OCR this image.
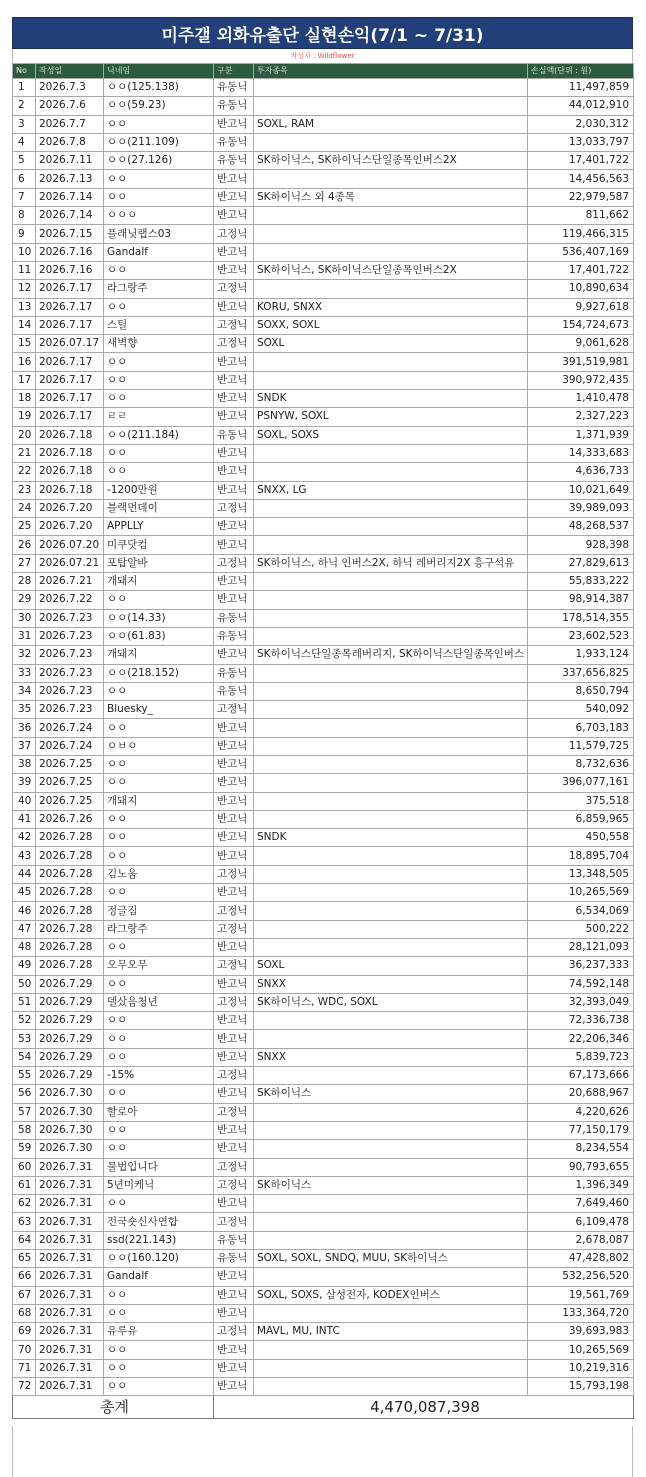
미주갤 외화유출단 실현손익(7/1 ~ 7/31)
작성자 : Wildflower
No	작성일	닉네임	구분	투자종목	손실액(단위 : 원)
1	2026.7.3	ㅇㅇ(125.138)	유동닉		11,497,859
2	2026.7.6	ㅇㅇ(59.23)	유동닉		44,012,910
3	2026.7.7	ㅇㅇ	반고닉	SOXL, RAM	2,030,312
4	2026.7.8	ㅇㅇ(211.109)	유동닉		13,033,797
5	2026.7.11	ㅇㅇ(27.126)	유동닉	SK하이닉스, SK하이닉스단일종목인버스2X	17,401,722
6	2026.7.13	ㅇㅇ	반고닉		14,456,563
7	2026.7.14	ㅇㅇ	반고닉	SK하이닉스 외 4종목	22,979,587
8	2026.7.14	ㅇㅇㅇ	반고닉		811,662
9	2026.7.15	플래닛랩스03	고정닉		119,466,315
10	2026.7.16	Gandalf	반고닉		536,407,169
11	2026.7.16	ㅇㅇ	반고닉	SK하이닉스, SK하이닉스단일종목인버스2X	17,401,722
12	2026.7.17	라그랑주	고정닉		10,890,634
13	2026.7.17	ㅇㅇ	반고닉	KORU, SNXX	9,927,618
14	2026.7.17	스틸	고정닉	SOXX, SOXL	154,724,673
15	2026.07.17	새벽향	고정닉	SOXL	9,061,628
16	2026.7.17	ㅇㅇ	반고닉		391,519,981
17	2026.7.17	ㅇㅇ	반고닉		390,972,435
18	2026.7.17	ㅇㅇ	반고닉	SNDK	1,410,478
19	2026.7.17	ㄹㄹ	반고닉	PSNYW, SOXL	2,327,223
20	2026.7.18	ㅇㅇ(211.184)	유동닉	SOXL, SOXS	1,371,939
21	2026.7.18	ㅇㅇ	반고닉		14,333,683
22	2026.7.18	ㅇㅇ	반고닉		4,636,733
23	2026.7.18	-1200만원	반고닉	SNXX, LG	10,021,649
24	2026.7.20	블랙먼데이	고정닉		39,989,093
25	2026.7.20	APPLLY	반고닉		48,268,537
26	2026.07.20	미쿠닷컴	반고닉		928,398
27	2026.07.21	포탑알바	고정닉	SK하이닉스, 하닉 인버스2X, 하닉 레버리지2X 흥구석유	27,829,613
28	2026.7.21	개돼지	반고닉		55,833,222
29	2026.7.22	ㅇㅇ	반고닉		98,914,387
30	2026.7.23	ㅇㅇ(14.33)	유동닉		178,514,355
31	2026.7.23	ㅇㅇ(61.83)	유동닉		23,602,523
32	2026.7.23	개돼지	반고닉	SK하이닉스단일종목레버리지, SK하이닉스단일종목인버스	1,933,124
33	2026.7.23	ㅇㅇ(218.152)	유동닉		337,656,825
34	2026.7.23	ㅇㅇ	유동닉		8,650,794
35	2026.7.23	Bluesky_	고정닉		540,092
36	2026.7.24	ㅇㅇ	반고닉		6,703,183
37	2026.7.24	ㅇㅂㅇ	반고닉		11,579,725
38	2026.7.25	ㅇㅇ	반고닉		8,732,636
39	2026.7.25	ㅇㅇ	반고닉		396,077,161
40	2026.7.25	개돼지	반고닉		375,518
41	2026.7.26	ㅇㅇ	반고닉		6,859,965
42	2026.7.28	ㅇㅇ	반고닉	SNDK	450,558
43	2026.7.28	ㅇㅇ	반고닉		18,895,704
44	2026.7.28	김노움	고정닉		13,348,505
45	2026.7.28	ㅇㅇ	반고닉		10,265,569
46	2026.7.28	정글짐	고정닉		6,534,069
47	2026.7.28	라그랑주	고정닉		500,222
48	2026.7.28	ㅇㅇ	반고닉		28,121,093
49	2026.7.28	오무오무	고정닉	SOXL	36,237,333
50	2026.7.29	ㅇㅇ	반고닉	SNXX	74,592,148
51	2026.7.29	델샀음청년	고정닉	SK하이닉스, WDC, SOXL	32,393,049
52	2026.7.29	ㅇㅇ	반고닉		72,336,738
53	2026.7.29	ㅇㅇ	반고닉		22,206,346
54	2026.7.29	ㅇㅇ	반고닉	SNXX	5,839,723
55	2026.7.29	-15%	고정닉		67,173,666
56	2026.7.30	ㅇㅇ	반고닉	SK하이닉스	20,688,967
57	2026.7.30	할로아	고정닉		4,220,626
58	2026.7.30	ㅇㅇ	반고닉		77,150,179
59	2026.7.30	ㅇㅇ	반고닉		8,234,554
60	2026.7.31	물법입니다	고정닉		90,793,655
61	2026.7.31	5년미케닉	고정닉	SK하이닉스	1,396,349
62	2026.7.31	ㅇㅇ	반고닉		7,649,460
63	2026.7.31	전국숏신사연합	고정닉		6,109,478
64	2026.7.31	ssd(221.143)	유동닉		2,678,087
65	2026.7.31	ㅇㅇ(160.120)	유동닉	SOXL, SOXL, SNDQ, MUU, SK하이닉스	47,428,802
66	2026.7.31	Gandalf	반고닉		532,256,520
67	2026.7.31	ㅇㅇ	반고닉	SOXL, SOXS, 삼성전자, KODEX인버스	19,561,769
68	2026.7.31	ㅇㅇ	반고닉		133,364,720
69	2026.7.31	유루유	고정닉	MAVL, MU, INTC	39,693,983
70	2026.7.31	ㅇㅇ	반고닉		10,265,569
71	2026.7.31	ㅇㅇ	반고닉		10,219,316
72	2026.7.31	ㅇㅇ	반고닉		15,793,198
총계			4,470,087,398		
